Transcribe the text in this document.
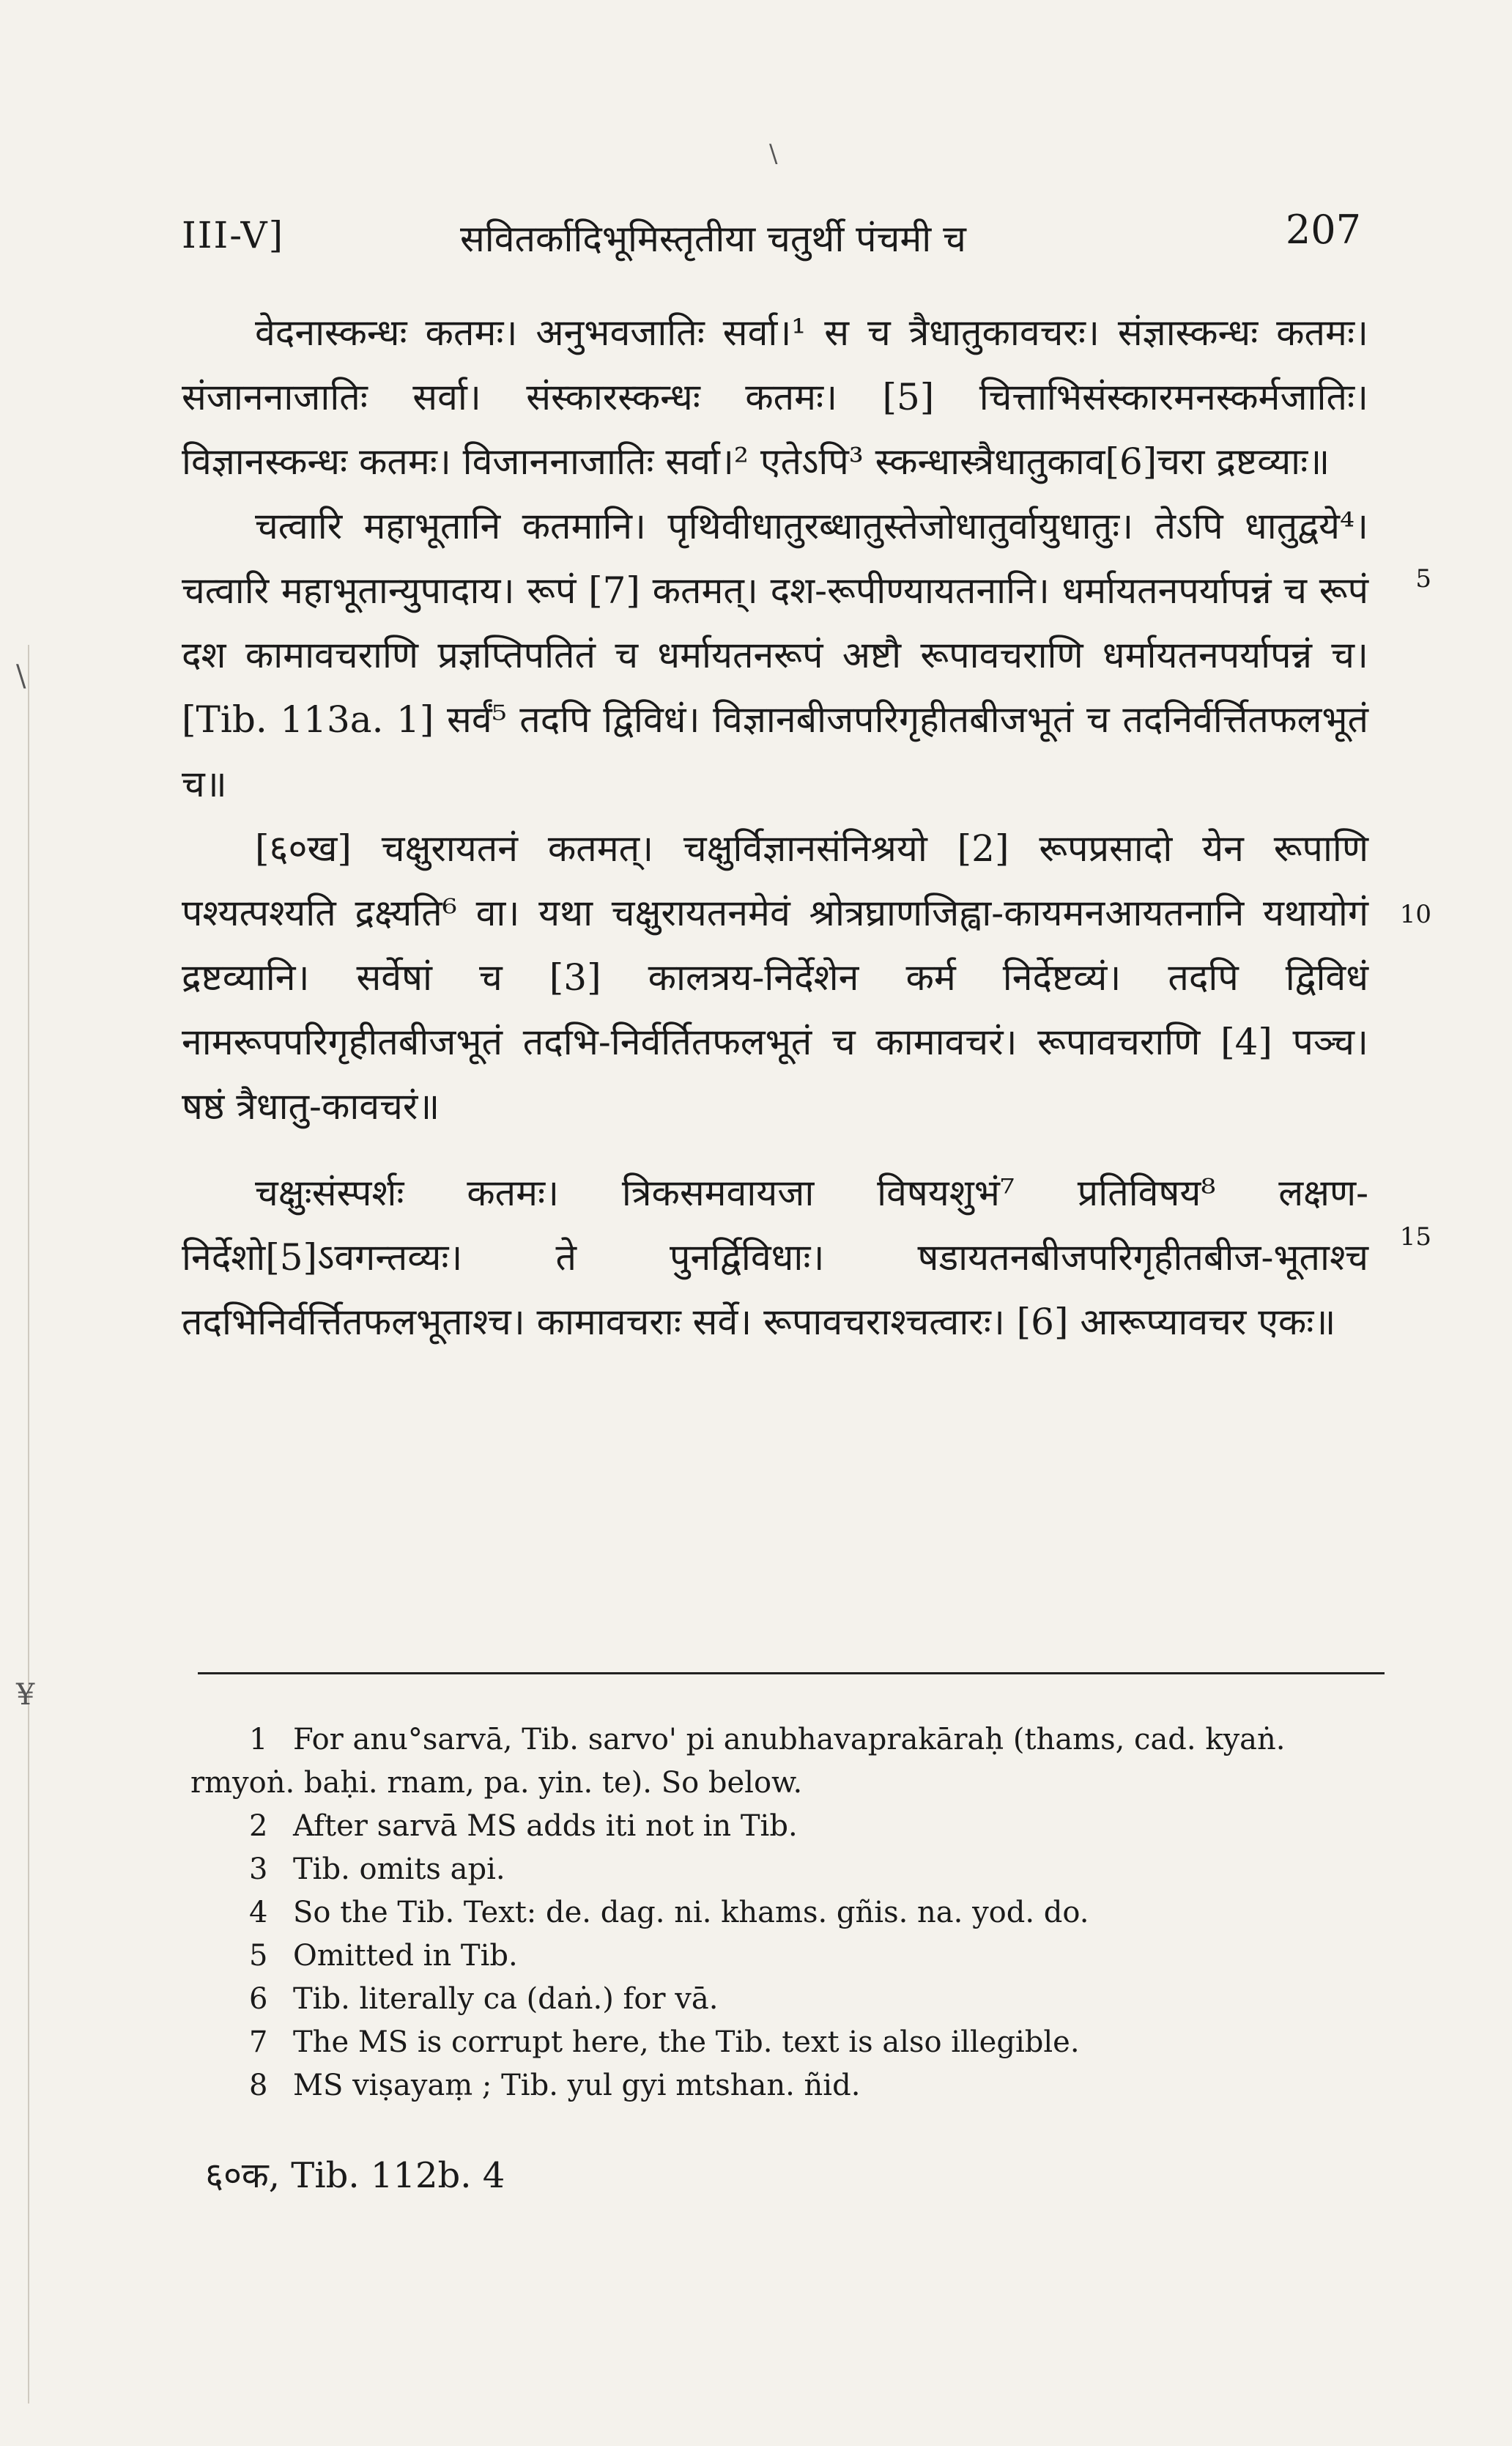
\
\
¥
III-V]	सवितर्कादिभूमिस्तृतीया चतुर्थी पंचमी च	207

वेदनास्कन्धः कतमः। अनुभवजातिः सर्वा।¹ स च त्रैधातुकावचरः। संज्ञास्कन्धः कतमः। संजाननाजातिः सर्वा। संस्कारस्कन्धः कतमः। [5] चित्ताभिसंस्कारमनस्कर्मजातिः। विज्ञानस्कन्धः कतमः। विजाननाजातिः सर्वा।² एतेऽपि³ स्कन्धास्त्रैधातुकाव[6]चरा द्रष्टव्याः॥

चत्वारि महाभूतानि कतमानि। पृथिवीधातुरब्धातुस्तेजोधातुर्वायुधातुः। तेऽपि धातुद्वये⁴। चत्वारि महाभूतान्युपादाय। रूपं [7] कतमत्। दश-रूपीण्यायतनानि। धर्मायतनपर्यापन्नं च रूपं दश कामावचराणि प्रज्ञप्तिपतितं च धर्मायतनरूपं अष्टौ रूपावचराणि धर्मायतनपर्यापन्नं च। [Tib. 113a. 1] सर्वं⁵ तदपि द्विविधं। विज्ञानबीजपरिगृहीतबीजभूतं च तदनिर्वर्त्तितफलभूतं च॥

[६०ख] चक्षुरायतनं कतमत्। चक्षुर्विज्ञानसंनिश्रयो [2] रूपप्रसादो येन रूपाणि पश्यत्पश्यति द्रक्ष्यति⁶ वा। यथा चक्षुरायतनमेवं श्रोत्रघ्राणजिह्वा-कायमनआयतनानि यथायोगं द्रष्टव्यानि। सर्वेषां च [3] कालत्रय-निर्देशेन कर्म निर्देष्टव्यं। तदपि द्विविधं नामरूपपरिगृहीतबीजभूतं तदभि-निर्वर्तितफलभूतं च कामावचरं। रूपावचराणि [4] पञ्च। षष्ठं त्रैधातु-कावचरं॥

चक्षुःसंस्पर्शः कतमः। त्रिकसमवायजा विषयशुभं⁷ प्रतिविषय⁸ लक्षण-निर्देशो[5]ऽवगन्तव्यः। ते पुनर्द्विविधाः। षडायतनबीजपरिगृहीतबीज-भूताश्च तदभिनिर्वर्त्तितफलभूताश्च। कामावचराः सर्वे। रूपावचराश्चत्वारः। [6] आरूप्यावचर एकः॥

5
10
15

1 For anu°sarvā, Tib. sarvo' pi anubhavaprakāraḥ (thams, cad. kyaṅ. rmyoṅ. baḥi. rnam, pa. yin. te). So below.

2 After sarvā MS adds iti not in Tib.

3 Tib. omits api.

4 So the Tib. Text: de. dag. ni. khams. gñis. na. yod. do.

5 Omitted in Tib.

6 Tib. literally ca (daṅ.) for vā.

7 The MS is corrupt here, the Tib. text is also illegible.

8 MS viṣayaṃ ; Tib. yul gyi mtshan. ñid.

६०क, Tib. 112b. 4
